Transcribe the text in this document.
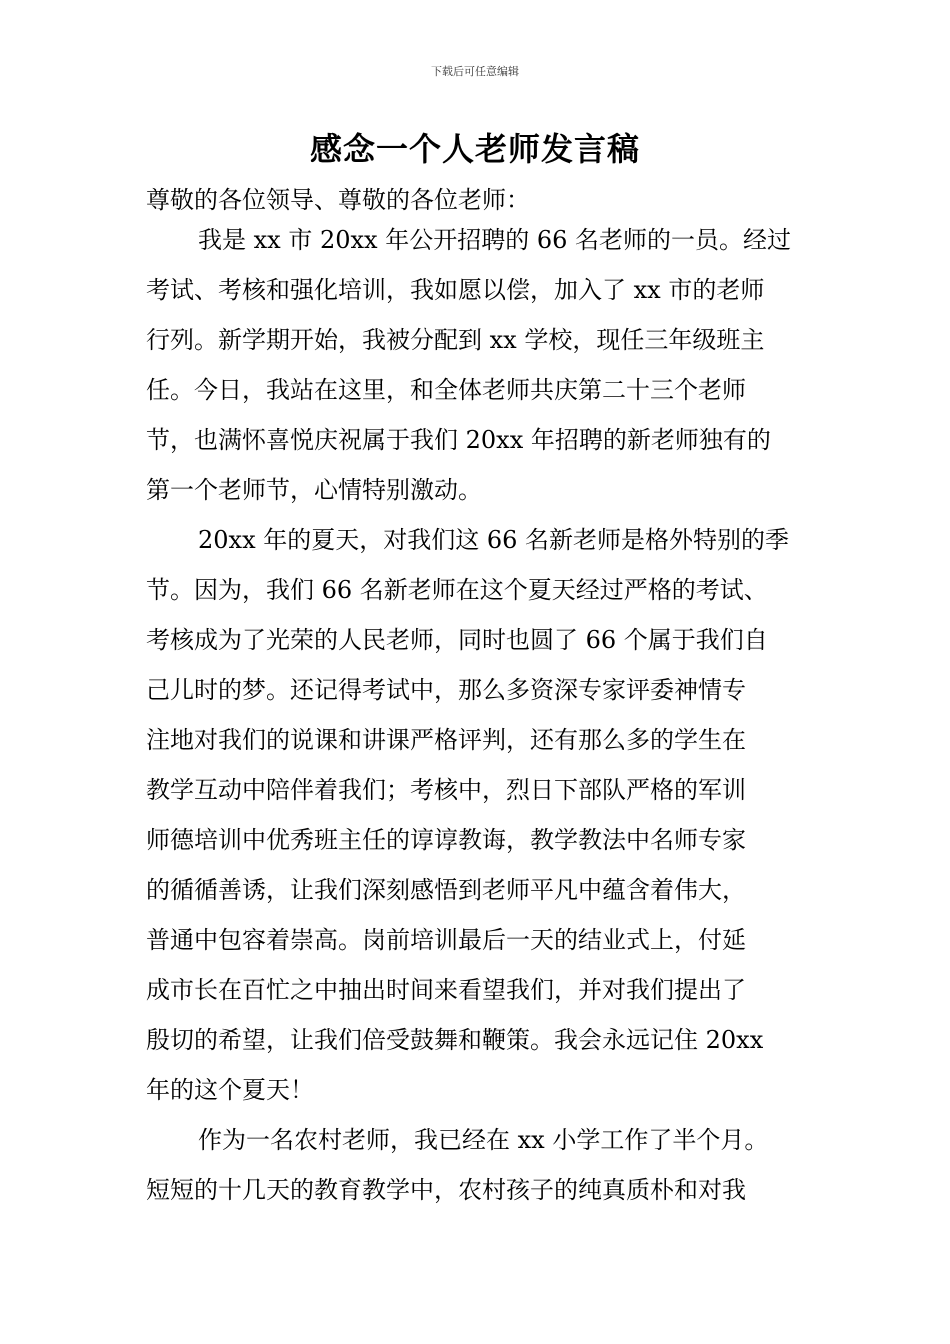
下载后可任意编辑
感念一个人老师发言稿
尊敬的各位领导、尊敬的各位老师：
我是 xx 市 20xx 年公开招聘的 66 名老师的一员。经过
考试、考核和强化培训，我如愿以偿，加入了 xx 市的老师
行列。新学期开始，我被分配到 xx 学校，现任三年级班主
任。今日，我站在这里，和全体老师共庆第二十三个老师
节，也满怀喜悦庆祝属于我们 20xx 年招聘的新老师独有的
第一个老师节，心情特别激动。
20xx 年的夏天，对我们这 66 名新老师是格外特别的季
节。因为，我们 66 名新老师在这个夏天经过严格的考试、
考核成为了光荣的人民老师，同时也圆了 66 个属于我们自
己儿时的梦。还记得考试中，那么多资深专家评委神情专
注地对我们的说课和讲课严格评判，还有那么多的学生在
教学互动中陪伴着我们；考核中，烈日下部队严格的军训
师德培训中优秀班主任的谆谆教诲，教学教法中名师专家
的循循善诱，让我们深刻感悟到老师平凡中蕴含着伟大，
普通中包容着崇高。岗前培训最后一天的结业式上，付延
成市长在百忙之中抽出时间来看望我们，并对我们提出了
殷切的希望，让我们倍受鼓舞和鞭策。我会永远记住 20xx
年的这个夏天！
作为一名农村老师，我已经在 xx 小学工作了半个月。
短短的十几天的教育教学中，农村孩子的纯真质朴和对我
